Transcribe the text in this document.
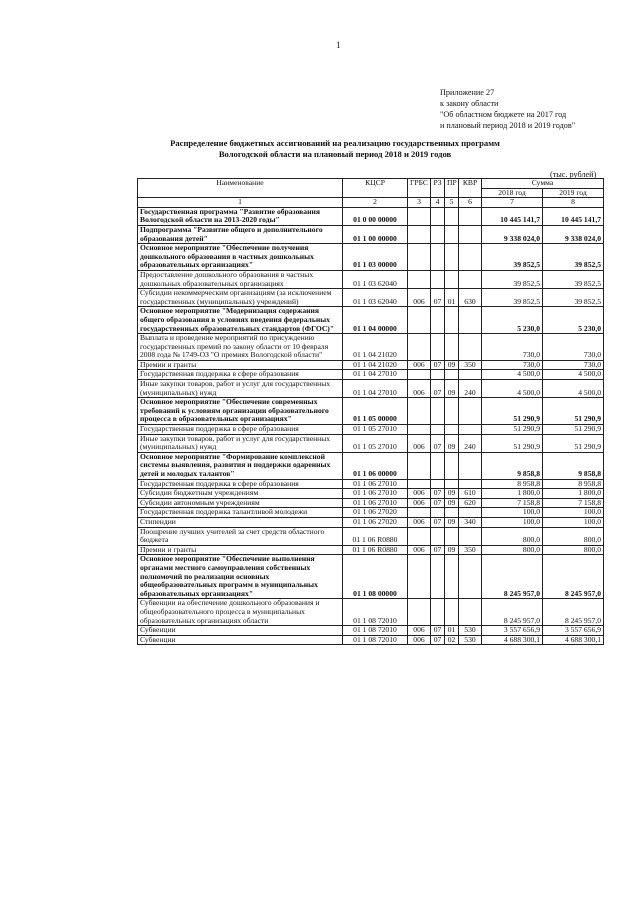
1
Приложение 27
к закону области
"Об областном бюджете на 2017 год
и плановый период 2018 и 2019 годов"
Распределение бюджетных ассигнований на реализацию государственных программ Вологодской области на плановый период 2018 и 2019 годов
(тыс. рублей)
Наименование	КЦСР	ГРБС	РЗ	ПР	КВР	Сумма	
						2018 год	2019 год
1	2	3	4	5	6	7	8
Государственная программа "Развитие образования Вологодской области на 2013-2020 годы"	01 0 00 00000					10 445 141,7	10 445 141,7
Подпрограмма "Развитие общего и дополнительного образования детей"	01 1 00 00000					9 338 024,0	9 338 024,0
Основное мероприятие "Обеспечение получения дошкольного образования в частных дошкольных образовательных организациях"	01 1 03 00000					39 852,5	39 852,5
Предоставление дошкольного образования в частных дошкольных образовательных организациях	01 1 03 62040					39 852,5	39 852,5
Субсидии некоммерческим организациям (за исключением государственных (муниципальных) учреждений)	01 1 03 62040	006	07	01	630	39 852,5	39 852,5
Основное мероприятие "Модернизация содержания общего образования в условиях введения федеральных государственных образовательных стандартов (ФГОС)"	01 1 04 00000					5 230,0	5 230,0
Выплата и проведение мероприятий по присуждению государственных премий по закону области от 10 февраля 2008 года № 1749-ОЗ "О премиях Вологодской области"	01 1 04 21020					730,0	730,0
Премии и гранты	01 1 04 21020	006	07	09	350	730,0	730,0
Государственная поддержка в сфере образования	01 1 04 27010					4 500,0	4 500,0
Иные закупки товаров, работ и услуг для государственных (муниципальных) нужд	01 1 04 27010	006	07	09	240	4 500,0	4 500,0
Основное мероприятие "Обеспечение современных требований к условиям организации образовательного процесса в образовательных организациях"	01 1 05 00000					51 290,9	51 290,9
Государственная поддержка в сфере образования	01 1 05 27010					51 290,9	51 290,9
Иные закупки товаров, работ и услуг для государственных (муниципальных) нужд	01 1 05 27010	006	07	09	240	51 290,9	51 290,9
Основное мероприятие "Формирование комплексной системы выявления, развития и поддержки одаренных детей и молодых талантов"	01 1 06 00000					9 858,8	9 858,8
Государственная поддержка в сфере образования	01 1 06 27010					8 958,8	8 958,8
Субсидии бюджетным учреждениям	01 1 06 27010	006	07	09	610	1 800,0	1 800,0
Субсидии автономным учреждениям	01 1 06 27010	006	07	09	620	7 158,8	7 158,8
Государственная поддержка талантливой молодежи	01 1 06 27020					100,0	100,0
Стипендии	01 1 06 27020	006	07	09	340	100,0	100,0
Поощрение лучших учителей за счет средств областного бюджета	01 1 06 R0880					800,0	800,0
Премии и гранты	01 1 06 R0880	006	07	09	350	800,0	800,0
Основное мероприятие "Обеспечение выполнения органами местного самоуправления собственных полномочий по реализации основных общеобразовательных программ в муниципальных образовательных организациях"	01 1 08 00000					8 245 957,0	8 245 957,0
Субвенции на обеспечение дошкольного образования и общеобразовательного процесса в муниципальных образовательных организациях области	01 1 08 72010					8 245 957,0	8 245 957,0
Субвенции	01 1 08 72010	006	07	01	530	3 557 656,9	3 557 656,9
Субвенции	01 1 08 72010	006	07	02	530	4 688 300,1	4 688 300,1
